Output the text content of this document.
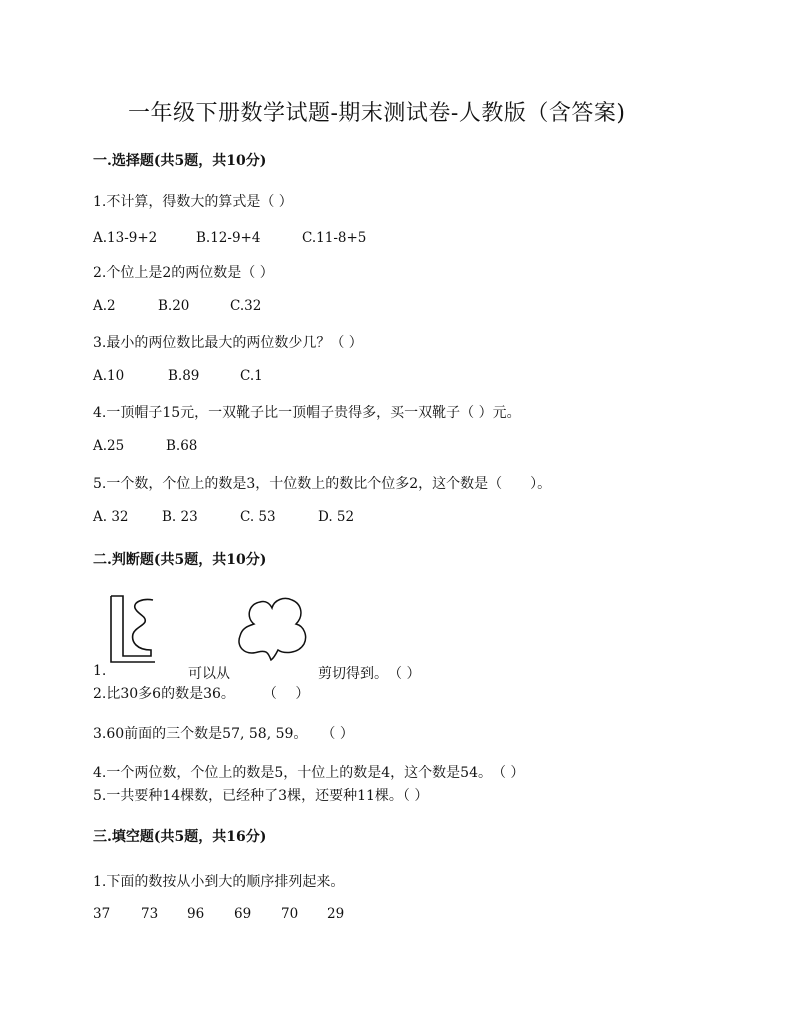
一年级下册数学试题-期末测试卷-人教版（含答案)
一.选择题(共5题，共10分)
1.不计算，得数大的算式是（ ）
A.13-9+2	B.12-9+4	C.11-8+5
2.个位上是2的两位数是（ ）
A.2	B.20	C.32
3.最小的两位数比最大的两位数少几？（ ）
A.10	B.89	C.1
4.一顶帽子15元，一双靴子比一顶帽子贵得多，买一双靴子（ ）元。
A.25	B.68
5.一个数，个位上的数是3，十位数上的数比个位多2，这个数是（　　）。
A. 32 B. 23	C. 53	D. 52
二.判断题(共5题，共10分)
1.	可以从	剪切得到。　（ ）
2.比30多6的数是36。　　　（　 ）
3.60前面的三个数是57, 58, 59。　　（ ）
4.一个两位数，个位上的数是5，十位上的数是4，这个数是54。　（ ）
5.一共要种14棵数，已经种了3棵，还要种11棵。（ ）
三.填空题(共5题，共16分)
1.下面的数按从小到大的顺序排列起来。
37 73 96 69 70 29
